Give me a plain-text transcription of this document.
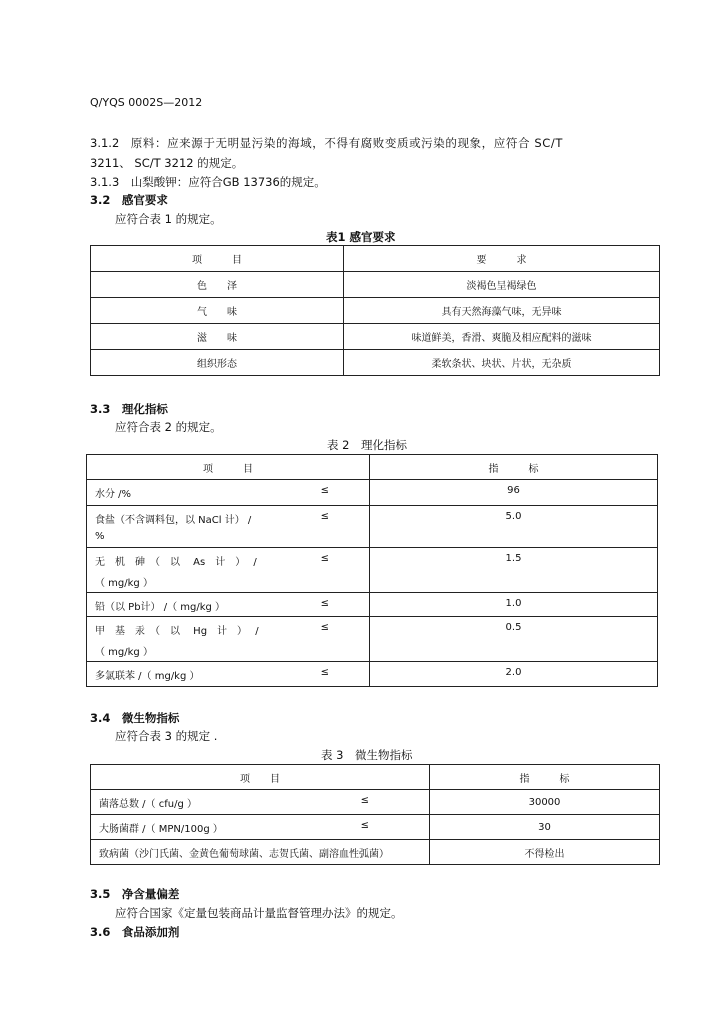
Q/YQS 0002S—2012
3.1.2　 原料：应来源于无明显污染的海域，不得有腐败变质或污染的现象，应符合 SC/T
3211、 SC/T 3212 的规定。
3.1.3　 山梨酸钾：应符合GB 13736的规定。
3.2　 感官要求
应符合表 1 的规定。
表1 感官要求
项　　　目	要　　　求
色　　泽	淡褐色呈褐绿色
气　　味	具有天然海藻气味，无异味
滋　　味	味道鲜美，香滑、爽脆及相应配料的滋味
组织形态	柔软条状、块状、片状，无杂质
3.3　 理化指标
应符合表 2 的规定。
表 2　理化指标
项　　　目	指　　　标

水分 /% ≤	96

食盐（不含调料包，以 NaCl 计） / ≤
%	5.0

无　机　砷　（　以　 As　计　）　 / ≤
（ mg/kg ）	1.5

铅（以 Pb计） /（ mg/kg ） ≤	1.0

甲　基　汞　（　以　 Hg　计　）　 / ≤
（ mg/kg ）	0.5

多氯联苯 /（ mg/kg ） ≤	2.0
3.4　 微生物指标
应符合表 3 的规定 .
表 3　微生物指标
项　　目	指　　　标

菌落总数 /（ cfu/g ） ≤	30000

大肠菌群 /（ MPN/100g ） ≤	30
致病菌（沙门氏菌、金黄色葡萄球菌、志贺氏菌、副溶血性弧菌）	不得检出
3.5　 净含量偏差
应符合国家《定量包装商品计量监督管理办法》的规定。
3.6　 食品添加剂
